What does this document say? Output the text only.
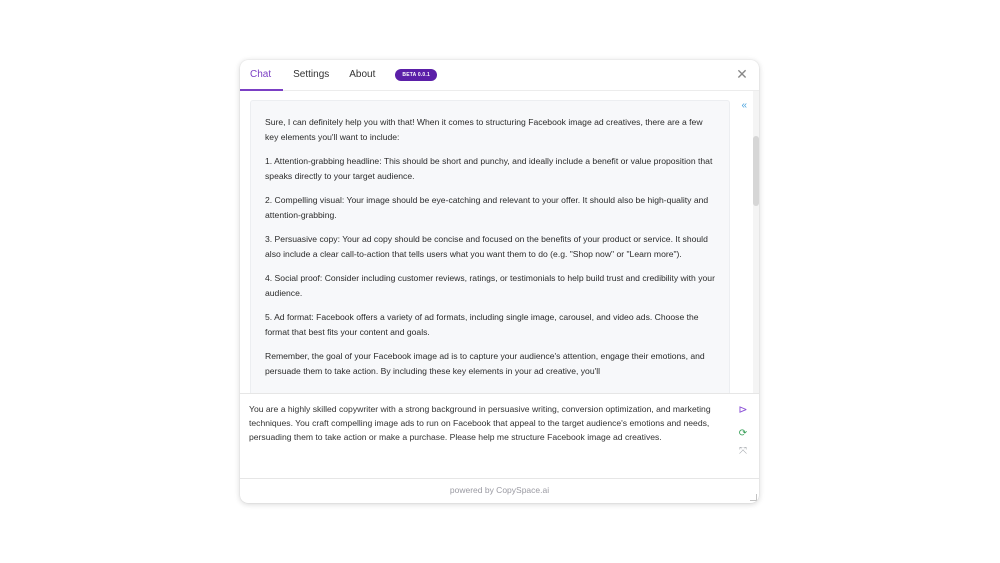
Chat	Settings	About	BETA 0.0.1	✕

Sure, I can definitely help you with that! When it comes to structuring Facebook image ad creatives, there are a few key elements you'll want to include:

1. Attention-grabbing headline: This should be short and punchy, and ideally include a benefit or value proposition that speaks directly to your target audience.

2. Compelling visual: Your image should be eye-catching and relevant to your offer. It should also be high-quality and attention-grabbing.

3. Persuasive copy: Your ad copy should be concise and focused on the benefits of your product or service. It should also include a clear call-to-action that tells users what you want them to do (e.g. "Shop now" or "Learn more").

4. Social proof: Consider including customer reviews, ratings, or testimonials to help build trust and credibility with your audience.

5. Ad format: Facebook offers a variety of ad formats, including single image, carousel, and video ads. Choose the format that best fits your content and goals.

Remember, the goal of your Facebook image ad is to capture your audience's attention, engage their emotions, and persuade them to take action. By including these key elements in your ad creative, you'll

«
You are a highly skilled copywriter with a strong background in persuasive writing, conversion optimization, and marketing techniques. You craft compelling image ads to run on Facebook that appeal to the target audience's emotions and needs, persuading them to take action or make a purchase. Please help me structure Facebook image ad creatives.
⊳
⟳
⤧
powered by CopySpace.ai
